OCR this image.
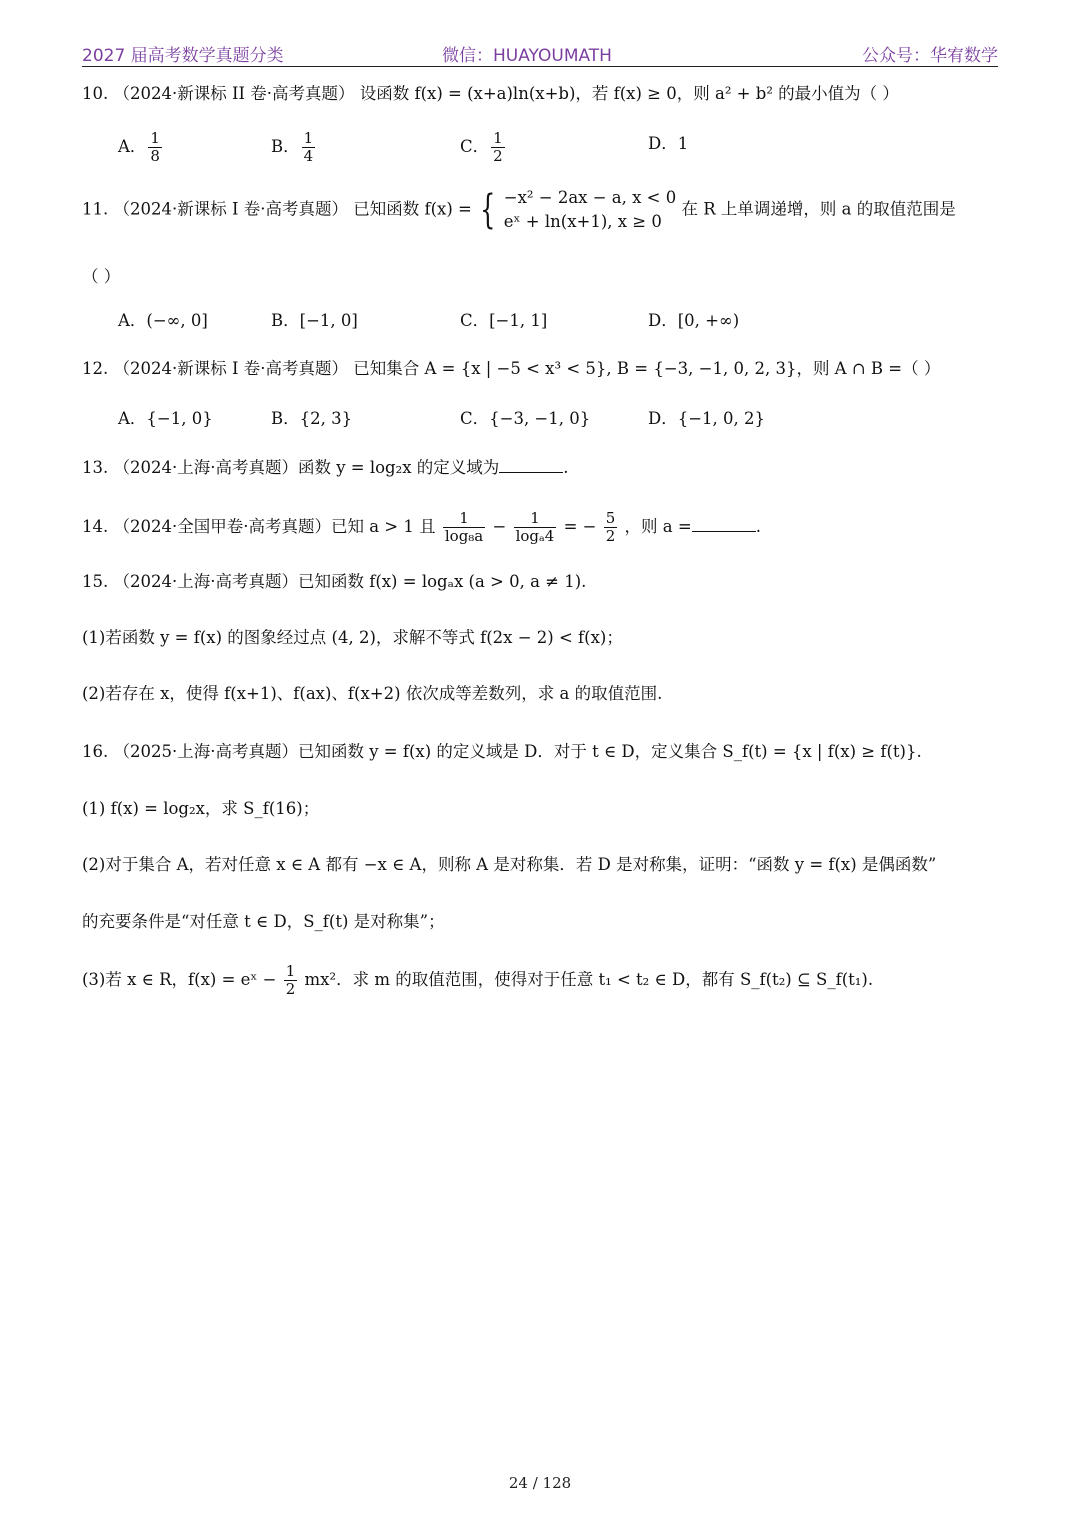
2027 届高考数学真题分类	微信：HUAYOUMATH	公众号：华宥数学
10. （2024·新课标 II 卷·高考真题） 设函数 f(x) = (x+a)ln(x+b)，若 f(x) ≥ 0，则 a² + b² 的最小值为（ ）
A． $\frac{1}{8}$	B． $\frac{1}{4}$	C． $\frac{1}{2}$	D．1
11. （2024·新课标 I 卷·高考真题） 已知函数 f(x) = { −x² − 2ax − a, x < 0
eˣ + ln(x+1), x ≥ 0
在 R 上单调递增，则 a 的取值范围是
（ ）
A．(−∞, 0]	B．[−1, 0]	C．[−1, 1]	D．[0, +∞)
12. （2024·新课标 I 卷·高考真题） 已知集合 A = {x | −5 < x³ < 5}, B = {−3, −1, 0, 2, 3}，则 A ∩ B =（ ）
A．{−1, 0}	B．{2, 3}	C．{−3, −1, 0}	D．{−1, 0, 2}
13. （2024·上海·高考真题）函数 y = log₂x 的定义域为	.
14. （2024·全国甲卷·高考真题）已知 a > 1 且 $\frac{1}{\text{log₈a}} - \frac{1}{\text{logₐ4}}$ = − $\frac{5}{2}$ ，则 a =	.
15. （2024·上海·高考真题）已知函数 f(x) = logₐx (a > 0, a ≠ 1).
(1)若函数 y = f(x) 的图象经过点 (4, 2)，求解不等式 f(2x − 2) < f(x)；
(2)若存在 x，使得 f(x+1)、f(ax)、f(x+2) 依次成等差数列，求 a 的取值范围.
16. （2025·上海·高考真题）已知函数 y = f(x) 的定义域是 D．对于 t ∈ D，定义集合 S_f(t) = {x | f(x) ≥ f(t)}.
(1) f(x) = log₂x，求 S_f(16)；
(2)对于集合 A，若对任意 x ∈ A 都有 −x ∈ A，则称 A 是对称集．若 D 是对称集，证明：“函数 y = f(x) 是偶函数”
的充要条件是“对任意 t ∈ D，S_f(t) 是对称集”；
(3)若 x ∈ R，f(x) = eˣ − $\frac{1}{2} mx^2$．求 m 的取值范围，使得对于任意 t₁ < t₂ ∈ D，都有 S_f(t₂) ⊆ S_f(t₁).
24 / 128
